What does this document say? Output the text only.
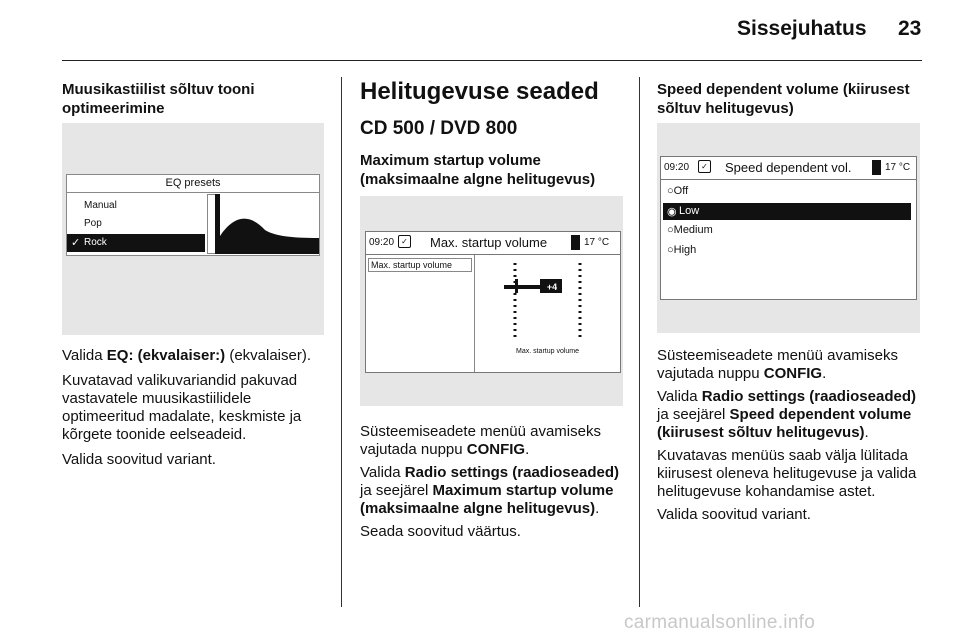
Sissejuhatus 23
Muusikastiilist sõltuv tooni optimeerimine
EQ presets
Manual
Pop
✓ Rock

Valida EQ: (ekvalaiser:) (ekvalaiser).

Kuvatavad valikuvariandid pakuvad vastavatele muusikastiilidele optimeeritud madalate, keskmiste ja kõrgete toonide eelseadeid.

Valida soovitud variant.

Helitugevuse seaded
CD 500 / DVD 800
Maximum startup volume (maksimaalne algne helitugevus)
09:20 ✓ Max. startup volume	17 °C
Max. startup volume
+4
Max. startup volume

Süsteemiseadete menüü avamiseks vajutada nuppu CONFIG.

Valida Radio settings (raadioseaded) ja seejärel Maximum startup volume (maksimaalne algne helitugevus).

Seada soovitud väärtus.

Speed dependent volume (kiirusest sõltuv helitugevus)
09:20	✓ Speed dependent vol.	17 °C
○Off
◉ Low
○Medium
○High

Süsteemiseadete menüü avamiseks vajutada nuppu CONFIG.

Valida Radio settings (raadioseaded) ja seejärel Speed dependent volume (kiirusest sõltuv helitugevus).

Kuvatavas menüüs saab välja lülitada kiirusest oleneva helitugevuse ja valida helitugevuse kohandamise astet.

Valida soovitud variant.

carmanualsonline.info
